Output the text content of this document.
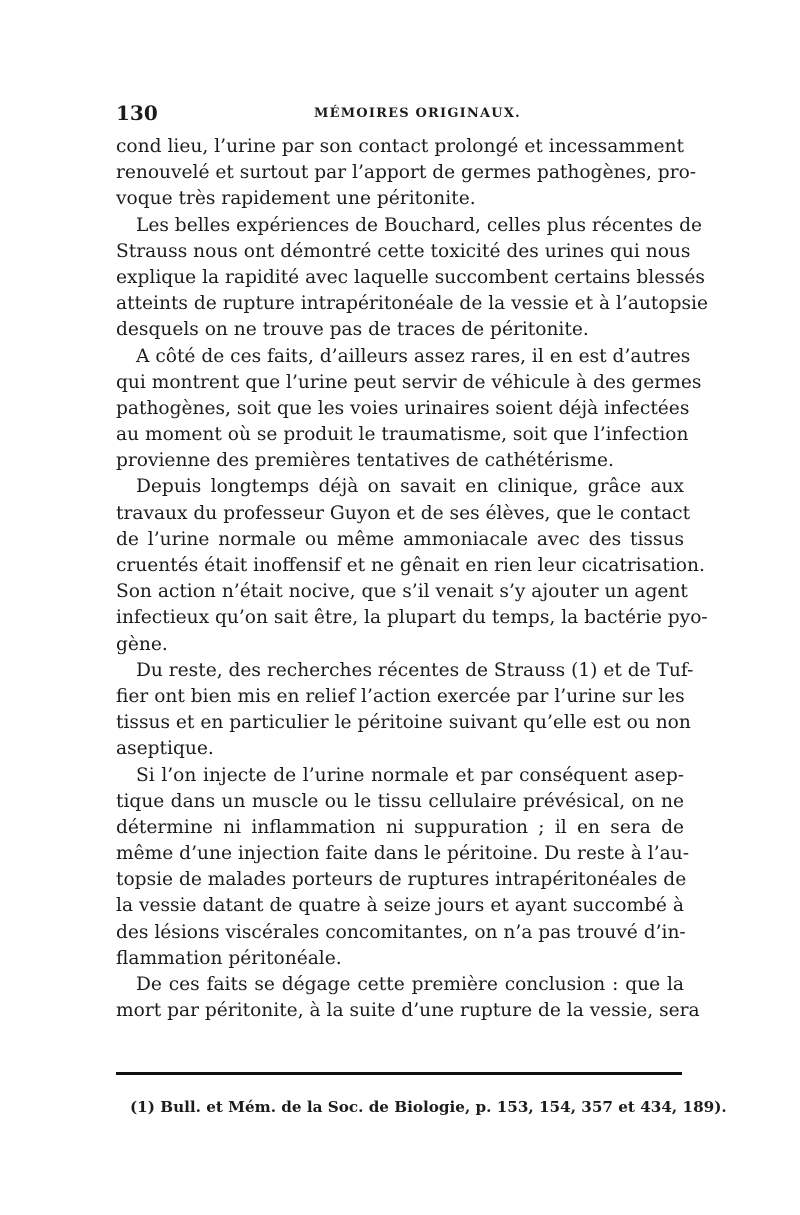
130	MÉMOIRES ORIGINAUX.
cond lieu, l’urine par son contact prolongé et incessamment
renouvelé et surtout par l’apport de germes pathogènes, pro-
voque très rapidement une péritonite.
Les belles expériences de Bouchard, celles plus récentes de
Strauss nous ont démontré cette toxicité des urines qui nous
explique la rapidité avec laquelle succombent certains blessés
atteints de rupture intrapéritonéale de la vessie et à l’autopsie
desquels on ne trouve pas de traces de péritonite.
A côté de ces faits, d’ailleurs assez rares, il en est d’autres
qui montrent que l’urine peut servir de véhicule à des germes
pathogènes, soit que les voies urinaires soient déjà infectées
au moment où se produit le traumatisme, soit que l’infection
provienne des premières tentatives de cathétérisme.
Depuis longtemps déjà on savait en clinique, grâce aux
travaux du professeur Guyon et de ses élèves, que le contact
de l’urine normale ou même ammoniacale avec des tissus
cruentés était inoffensif et ne gênait en rien leur cicatrisation.
Son action n’était nocive, que s’il venait s’y ajouter un agent
infectieux qu’on sait être, la plupart du temps, la bactérie pyo-
gène.
Du reste, des recherches récentes de Strauss (1) et de Tuf-
fier ont bien mis en relief l’action exercée par l’urine sur les
tissus et en particulier le péritoine suivant qu’elle est ou non
aseptique.
Si l’on injecte de l’urine normale et par conséquent asep-
tique dans un muscle ou le tissu cellulaire prévésical, on ne
détermine ni inflammation ni suppuration ; il en sera de
même d’une injection faite dans le péritoine. Du reste à l’au-
topsie de malades porteurs de ruptures intrapéritonéales de
la vessie datant de quatre à seize jours et ayant succombé à
des lésions viscérales concomitantes, on n’a pas trouvé d’in-
flammation péritonéale.
De ces faits se dégage cette première conclusion : que la
mort par péritonite, à la suite d’une rupture de la vessie, sera
(1) Bull. et Mém. de la Soc. de Biologie, p. 153, 154, 357 et 434, 189).
